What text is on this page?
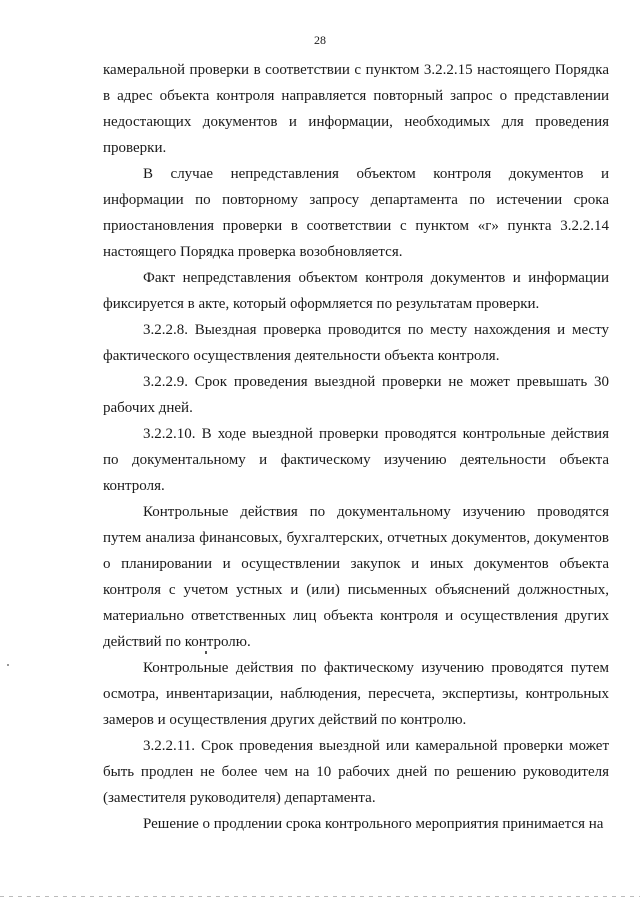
28

камеральной проверки в соответствии с пунктом 3.2.2.15 настоящего Порядка в адрес объекта контроля направляется повторный запрос о представлении недостающих документов и информации, необходимых для проведения проверки.

В случае непредставления объектом контроля документов и информации по повторному запросу департамента по истечении срока приостановления проверки в соответствии с пунктом «г» пункта 3.2.2.14 настоящего Порядка проверка возобновляется.

Факт непредставления объектом контроля документов и информации фиксируется в акте, который оформляется по результатам проверки.

3.2.2.8. Выездная проверка проводится по месту нахождения и месту фактического осуществления деятельности объекта контроля.

3.2.2.9. Срок проведения выездной проверки не может превышать 30 рабочих дней.

3.2.2.10. В ходе выездной проверки проводятся контрольные действия по документальному и фактическому изучению деятельности объекта контроля.

Контрольные действия по документальному изучению проводятся путем анализа финансовых, бухгалтерских, отчетных документов, документов о планировании и осуществлении закупок и иных документов объекта контроля с учетом устных и (или) письменных объяснений должностных, материально ответственных лиц объекта контроля и осуществления других действий по контролю.

Контрольные действия по фактическому изучению проводятся путем осмотра, инвентаризации, наблюдения, пересчета, экспертизы, контрольных замеров и осуществления других действий по контролю.

3.2.2.11. Срок проведения выездной или камеральной проверки может быть продлен не более чем на 10 рабочих дней по решению руководителя (заместителя руководителя) департамента.

Решение о продлении срока контрольного мероприятия принимается на
